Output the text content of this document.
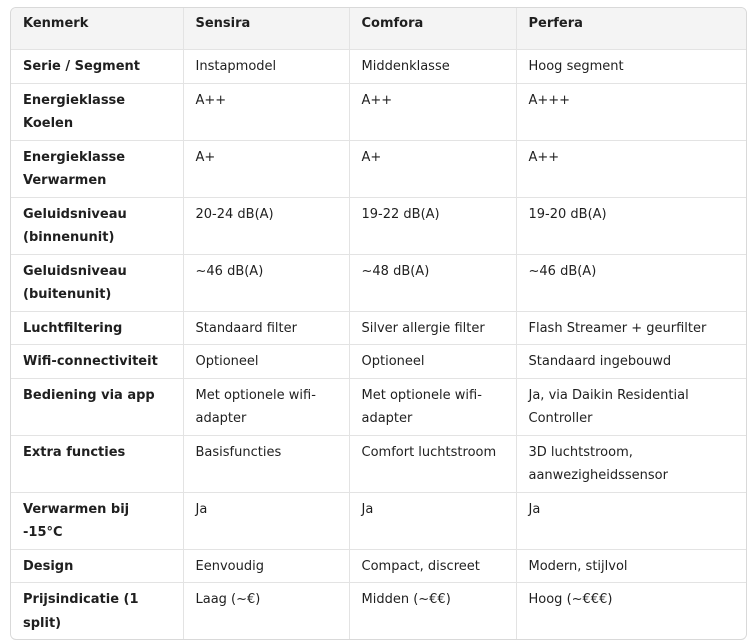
Kenmerk	Sensira	Comfora	Perfera
Serie / Segment	Instapmodel	Middenklasse	Hoog segment
Energieklasse Koelen	A++	A++	A+++
Energieklasse Verwarmen	A+	A+	A++
Geluidsniveau (binnenunit)	20-24 dB(A)	19-22 dB(A)	19-20 dB(A)
Geluidsniveau (buitenunit)	~46 dB(A)	~48 dB(A)	~46 dB(A)
Luchtfiltering	Standaard filter	Silver allergie filter	Flash Streamer + geurfilter
Wifi-connectiviteit	Optioneel	Optioneel	Standaard ingebouwd
Bediening via app	Met optionele wifi-adapter	Met optionele wifi-adapter	Ja, via Daikin Residential Controller
Extra functies	Basisfuncties	Comfort luchtstroom	3D luchtstroom, aanwezigheidssensor
Verwarmen bij -15°C	Ja	Ja	Ja
Design	Eenvoudig	Compact, discreet	Modern, stijlvol
Prijsindicatie (1 split)	Laag (~€)	Midden (~€€)	Hoog (~€€€)
